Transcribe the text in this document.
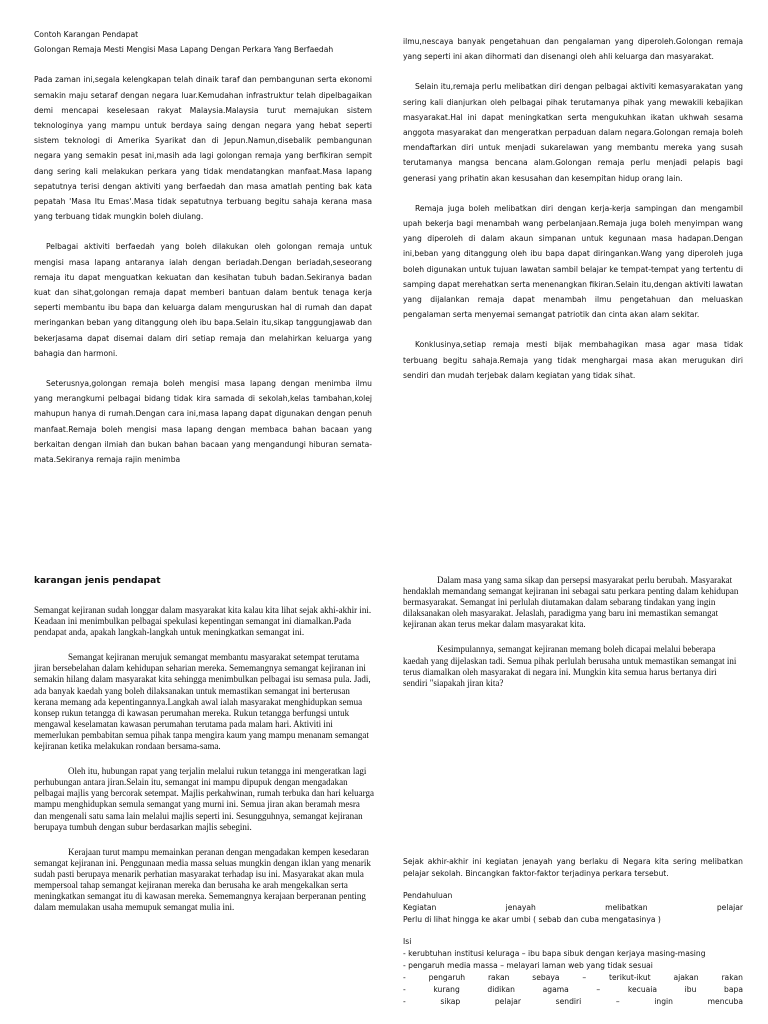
Contoh Karangan Pendapat

Golongan Remaja Mesti Mengisi Masa Lapang Dengan Perkara Yang Berfaedah

Pada zaman ini,segala kelengkapan telah dinaik taraf dan pembangunan serta ekonomi semakin maju setaraf dengan negara luar.Kemudahan infrastruktur telah dipelbagaikan demi mencapai keselesaan rakyat Malaysia.Malaysia turut memajukan sistem teknologinya yang mampu untuk berdaya saing dengan negara yang hebat seperti sistem teknologi di Amerika Syarikat dan di Jepun.Namun,disebalik pembangunan negara yang semakin pesat ini,masih ada lagi golongan remaja yang berfikiran sempit dang sering kali melakukan perkara yang tidak mendatangkan manfaat.Masa lapang sepatutnya terisi dengan aktiviti yang berfaedah dan masa amatlah penting bak kata pepatah 'Masa Itu Emas'.Masa tidak sepatutnya terbuang begitu sahaja kerana masa yang terbuang tidak mungkin boleh diulang.

Pelbagai aktiviti berfaedah yang boleh dilakukan oleh golongan remaja untuk mengisi masa lapang antaranya ialah dengan beriadah.Dengan beriadah,seseorang remaja itu dapat menguatkan kekuatan dan kesihatan tubuh badan.Sekiranya badan kuat dan sihat,golongan remaja dapat memberi bantuan dalam bentuk tenaga kerja seperti membantu ibu bapa dan keluarga dalam menguruskan hal di rumah dan dapat meringankan beban yang ditanggung oleh ibu bapa.Selain itu,sikap tanggungjawab dan bekerjasama dapat disemai dalam diri setiap remaja dan melahirkan keluarga yang bahagia dan harmoni.

Seterusnya,golongan remaja boleh mengisi masa lapang dengan menimba ilmu yang merangkumi pelbagai bidang tidak kira samada di sekolah,kelas tambahan,kolej mahupun hanya di rumah.Dengan cara ini,masa lapang dapat digunakan dengan penuh manfaat.Remaja boleh mengisi masa lapang dengan membaca bahan bacaan yang berkaitan dengan ilmiah dan bukan bahan bacaan yang mengandungi hiburan semata-mata.Sekiranya remaja rajin menimba

ilmu,nescaya banyak pengetahuan dan pengalaman yang diperoleh.Golongan remaja yang seperti ini akan dihormati dan disenangi oleh ahli keluarga dan masyarakat.

Selain itu,remaja perlu melibatkan diri dengan pelbagai aktiviti kemasyarakatan yang sering kali dianjurkan oleh pelbagai pihak terutamanya pihak yang mewakili kebajikan masyarakat.Hal ini dapat meningkatkan serta mengukuhkan ikatan ukhwah sesama anggota masyarakat dan mengeratkan perpaduan dalam negara.Golongan remaja boleh mendaftarkan diri untuk menjadi sukarelawan yang membantu mereka yang susah terutamanya mangsa bencana alam.Golongan remaja perlu menjadi pelapis bagi generasi yang prihatin akan kesusahan dan kesempitan hidup orang lain.

Remaja juga boleh melibatkan diri dengan kerja-kerja sampingan dan mengambil upah bekerja bagi menambah wang perbelanjaan.Remaja juga boleh menyimpan wang yang diperoleh di dalam akaun simpanan untuk kegunaan masa hadapan.Dengan ini,beban yang ditanggung oleh ibu bapa dapat diringankan.Wang yang diperoleh juga boleh digunakan untuk tujuan lawatan sambil belajar ke tempat-tempat yang tertentu di samping dapat merehatkan serta menenangkan fikiran.Selain itu,dengan aktiviti lawatan yang dijalankan remaja dapat menambah ilmu pengetahuan dan meluaskan pengalaman serta menyemai semangat patriotik dan cinta akan alam sekitar.

Konklusinya,setiap remaja mesti bijak membahagikan masa agar masa tidak terbuang begitu sahaja.Remaja yang tidak menghargai masa akan merugukan diri sendiri dan mudah terjebak dalam kegiatan yang tidak sihat.

karangan jenis pendapat

Semangat kejiranan sudah longgar dalam masyarakat kita kalau kita lihat sejak akhi-akhir ini. Keadaan ini menimbulkan pelbagai spekulasi kepentingan semangat ini diamalkan.Pada pendapat anda, apakah langkah-langkah untuk meningkatkan semangat ini.

Semangat kejiranan merujuk semangat membantu masyarakat setempat terutama jiran bersebelahan dalam kehidupan seharian mereka. Sememangnya semangat kejiranan ini semakin hilang dalam masyarakat kita sehingga menimbulkan pelbagai isu semasa pula. Jadi, ada banyak kaedah yang boleh dilaksanakan untuk memastikan semangat ini berterusan kerana memang ada kepentingannya.Langkah awal ialah masyarakat menghidupkan semua konsep rukun tetangga di kawasan perumahan mereka. Rukun tetangga berfungsi untuk mengawal keselamatan kawasan perumahan terutama pada malam hari. Aktiviti ini memerlukan pembabitan semua pihak tanpa mengira kaum yang mampu menanam semangat kejiranan ketika melakukan rondaan bersama-sama.

Oleh itu, hubungan rapat yang terjalin melalui rukun tetangga ini mengeratkan lagi perhubungan antara jiran.Selain itu, semangat ini mampu dipupuk dengan mengadakan pelbagai majlis yang bercorak setempat. Majlis perkahwinan, rumah terbuka dan hari keluarga mampu menghidupkan semula semangat yang murni ini. Semua jiran akan beramah mesra dan mengenali satu sama lain melalui majlis seperti ini. Sesungguhnya, semangat kejiranan berupaya tumbuh dengan subur berdasarkan majlis sebegini.

Kerajaan turut mampu memainkan peranan dengan mengadakan kempen kesedaran semangat kejiranan ini. Penggunaan media massa seluas mungkin dengan iklan yang menarik sudah pasti berupaya menarik perhatian masyarakat terhadap isu ini. Masyarakat akan mula mempersoal tahap semangat kejiranan mereka dan berusaha ke arah mengekalkan serta meningkatkan semangat itu di kawasan mereka. Sememangnya kerajaan berperanan penting dalam memulakan usaha memupuk semangat mulia ini.

Dalam masa yang sama sikap dan persepsi masyarakat perlu berubah. Masyarakat hendaklah memandang semangat kejiranan ini sebagai satu perkara penting dalam kehidupan bermasyarakat. Semangat ini perlulah diutamakan dalam sebarang tindakan yang ingin dilaksanakan oleh masyarakat. Jelaslah, paradigma yang baru ini memastikan semangat kejiranan akan terus mekar dalam masyarakat kita.

Kesimpulannya, semangat kejiranan memang boleh dicapai melalui beberapa kaedah yang dijelaskan tadi. Semua pihak perlulah berusaha untuk memastikan semangat ini terus diamalkan oleh masyarakat di negara ini. Mungkin kita semua harus bertanya diri sendiri "siapakah jiran kita?

Sejak akhir-akhir ini kegiatan jenayah yang berlaku di Negara kita sering melibatkan pelajar sekolah. Bincangkan faktor-faktor terjadinya perkara tersebut.

Pendahuluan

Kegiatan	jenayah	melibatkan	pelajar

Perlu di lihat hingga ke akar umbi ( sebab dan cuba mengatasinya )

Isi

- kerubtuhan institusi keluraga – ibu bapa sibuk dengan kerjaya masing-masing

- pengaruh media massa – melayari laman web yang tidak sesuai

-	pengaruh	rakan	sebaya	–	terikut-ikut	ajakan	rakan
-	kurang	didikan	agama	–	kecuaia	ibu	bapa
-	sikap	pelajar	sendiri	–	ingin	mencuba
